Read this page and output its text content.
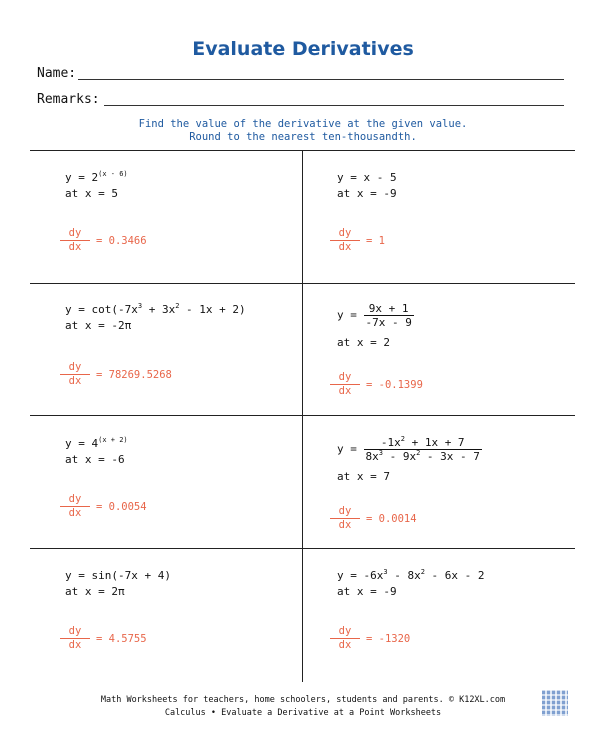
Evaluate Derivatives
Name:
Remarks:
Find the value of the derivative at the given value.
Round to the nearest ten-thousandth.
$y = 2^{(x - 6)}$
at x = 5
$\frac{dy}{dx} = 0.3466$
y = x - 5
at x = -9
$\frac{dy}{dx} = 1$
$y = \cot(-7x^3 + 3x^2 - 1x + 2)$
at x = -2π
$\frac{dy}{dx} = 78269.5268$
$y = \frac{9x + 1}{-7x - 9}$
at x = 2
$\frac{dy}{dx} = -0.1399$
$y = 4^{(x + 2)}$
at x = -6
$\frac{dy}{dx} = 0.0054$
$y = \frac{-1x^2 + 1x + 7}{8x^3 - 9x^2 - 3x - 7}$
at x = 7
$\frac{dy}{dx} = 0.0014$
y = sin(-7x + 4)
at x = 2π
$\frac{dy}{dx} = 4.5755$
$y = -6x^3 - 8x^2 - 6x - 2$
at x = -9
$\frac{dy}{dx} = -1320$
Math Worksheets for teachers, home schoolers, students and parents. © K12XL.com
Calculus • Evaluate a Derivative at a Point Worksheets
